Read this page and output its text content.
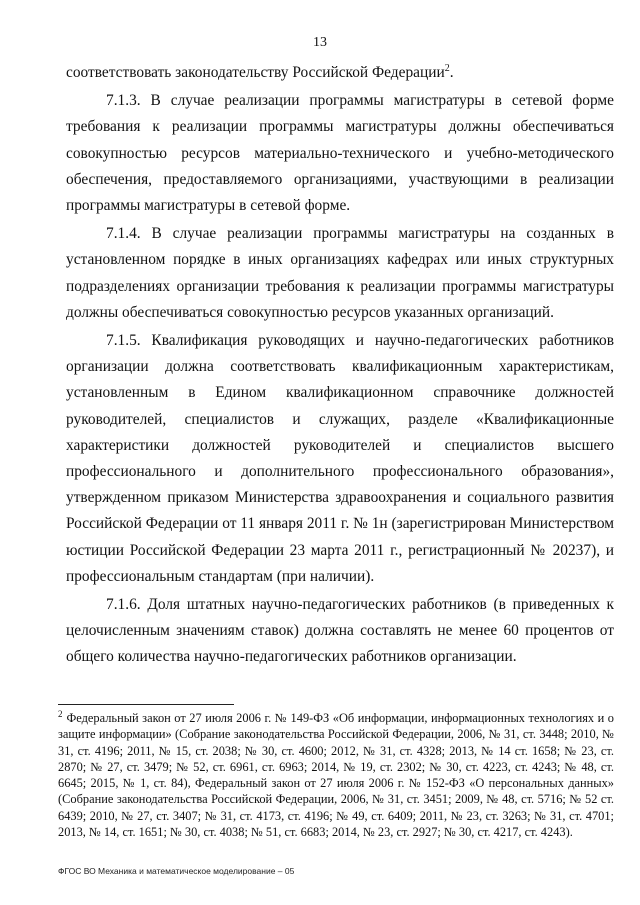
13

соответствовать законодательству Российской Федерации$^2$.

7.1.3. В случае реализации программы магистратуры в сетевой форме требования к реализации программы магистратуры должны обеспечиваться совокупностью ресурсов материально-технического и учебно-методического обеспечения, предоставляемого организациями, участвующими в реализации программы магистратуры в сетевой форме.

7.1.4. В случае реализации программы магистратуры на созданных в установленном порядке в иных организациях кафедрах или иных структурных подразделениях организации требования к реализации программы магистратуры должны обеспечиваться совокупностью ресурсов указанных организаций.

7.1.5. Квалификация руководящих и научно-педагогических работников организации должна соответствовать квалификационным характеристикам, установленным в Едином квалификационном справочнике должностей руководителей, специалистов и служащих, разделе «Квалификационные характеристики должностей руководителей и специалистов высшего профессионального и дополнительного профессионального образования», утвержденном приказом Министерства здравоохранения и социального развития Российской Федерации от 11 января 2011 г. № 1н (зарегистрирован Министерством юстиции Российской Федерации 23 марта 2011 г., регистрационный № 20237), и профессиональным стандартам (при наличии).

7.1.6. Доля штатных научно-педагогических работников (в приведенных к целочисленным значениям ставок) должна составлять не менее 60 процентов от общего количества научно-педагогических работников организации.

$^2$ Федеральный закон от 27 июля 2006 г. № 149-ФЗ «Об информации, информационных технологиях и о защите информации» (Собрание законодательства Российской Федерации, 2006, № 31, ст. 3448; 2010, № 31, ст. 4196; 2011, № 15, ст. 2038; № 30, ст. 4600; 2012, № 31, ст. 4328; 2013, № 14 ст. 1658; № 23, ст. 2870; № 27, ст. 3479; № 52, ст. 6961, ст. 6963; 2014, № 19, ст. 2302; № 30, ст. 4223, ст. 4243; № 48, ст. 6645; 2015, № 1, ст. 84), Федеральный закон от 27 июля 2006 г. № 152-ФЗ «О персональных данных» (Собрание законодательства Российской Федерации, 2006, № 31, ст. 3451; 2009, № 48, ст. 5716; № 52 ст. 6439; 2010, № 27, ст. 3407; № 31, ст. 4173, ст. 4196; № 49, ст. 6409; 2011, № 23, ст. 3263; № 31, ст. 4701; 2013, № 14, ст. 1651; № 30, ст. 4038; № 51, ст. 6683; 2014, № 23, ст. 2927; № 30, ст. 4217, ст. 4243).
ФГОС ВО Механика и математическое моделирование – 05
